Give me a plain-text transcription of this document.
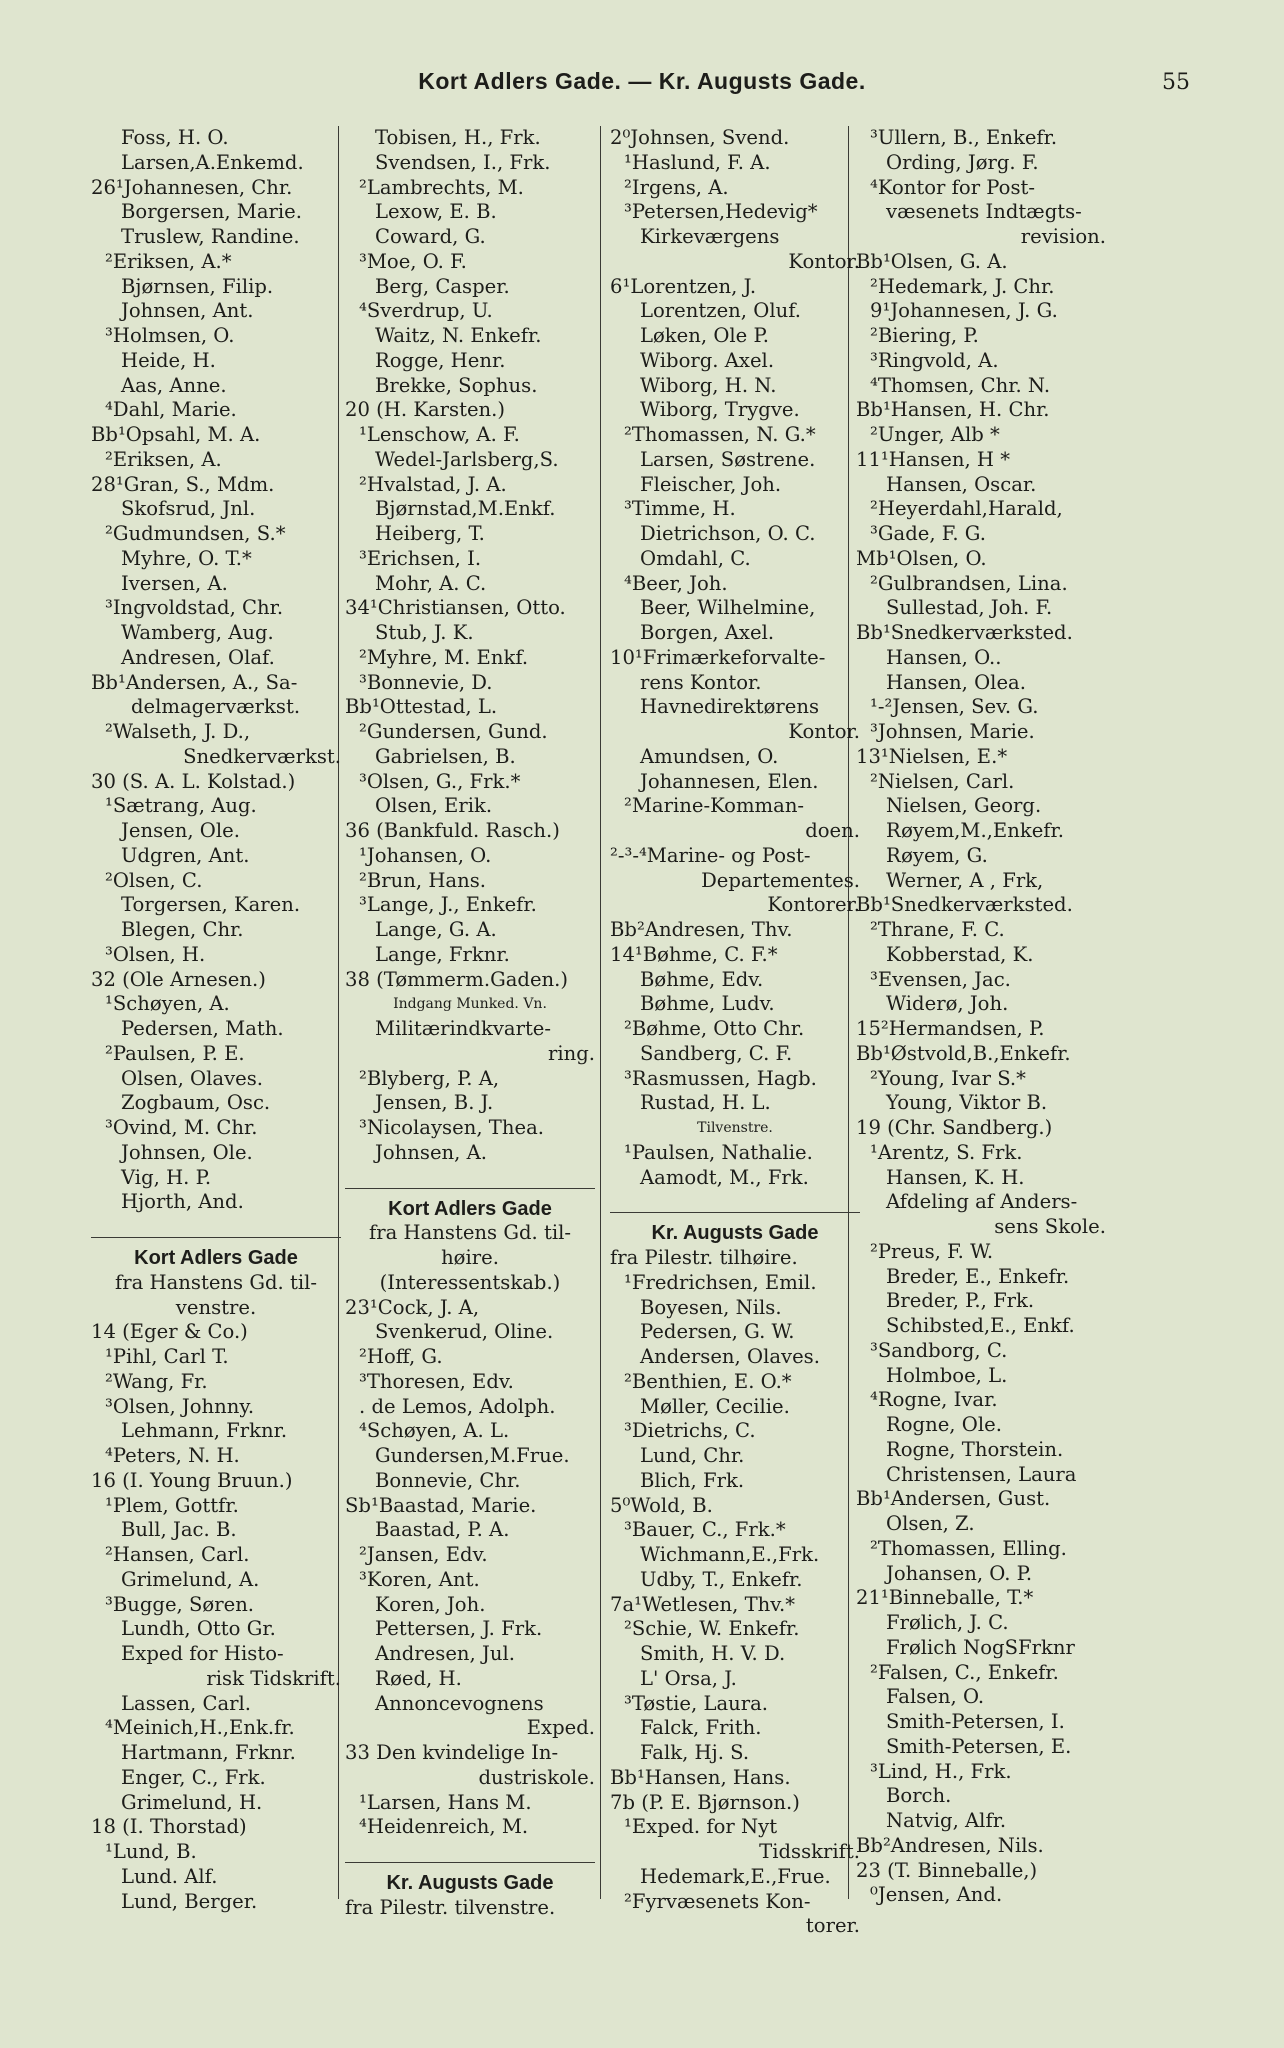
Kort Adlers Gade. — Kr. Augusts Gade.	55
Foss, H. O.
Larsen,A.Enkemd.
26¹Johannesen, Chr.
Borgersen, Marie.
Truslew, Randine.
²Eriksen, A.*
Bjørnsen, Filip.
Johnsen, Ant.
³Holmsen, O.
Heide, H.
Aas, Anne.
⁴Dahl, Marie.
Bb¹Opsahl, M. A.
²Eriksen, A.
28¹Gran, S., Mdm.
Skofsrud, Jnl.
²Gudmundsen, S.*
Myhre, O. T.*
Iversen, A.
³Ingvoldstad, Chr.
Wamberg, Aug.
Andresen, Olaf.
Bb¹Andersen, A., Sa-
delmagerværkst.
²Walseth, J. D.,
Snedkerværkst.
30 (S. A. L. Kolstad.)
¹Sætrang, Aug.
Jensen, Ole.
Udgren, Ant.
²Olsen, C.
Torgersen, Karen.
Blegen, Chr.
³Olsen, H.
32 (Ole Arnesen.)
¹Schøyen, A.
Pedersen, Math.
²Paulsen, P. E.
Olsen, Olaves.
Zogbaum, Osc.
³Ovind, M. Chr.
Johnsen, Ole.
Vig, H. P.
Hjorth, And.
Kort Adlers Gade
fra Hanstens Gd. til-
venstre.
14 (Eger & Co.)
¹Pihl, Carl T.
²Wang, Fr.
³Olsen, Johnny.
Lehmann, Frknr.
⁴Peters, N. H.
16 (I. Young Bruun.)
¹Plem, Gottfr.
Bull, Jac. B.
²Hansen, Carl.
Grimelund, A.
³Bugge, Søren.
Lundh, Otto Gr.
Exped for Histo-
risk Tidskrift.
Lassen, Carl.
⁴Meinich,H.,Enk.fr.
Hartmann, Frknr.
Enger, C., Frk.
Grimelund, H.
18 (I. Thorstad)
¹Lund, B.
Lund. Alf.
Lund, Berger.
Tobisen, H., Frk.
Svendsen, I., Frk.
²Lambrechts, M.
Lexow, E. B.
Coward, G.
³Moe, O. F.
Berg, Casper.
⁴Sverdrup, U.
Waitz, N. Enkefr.
Rogge, Henr.
Brekke, Sophus.
20 (H. Karsten.)
¹Lenschow, A. F.
Wedel-Jarlsberg,S.
²Hvalstad, J. A.
Bjørnstad,M.Enkf.
Heiberg, T.
³Erichsen, I.
Mohr, A. C.
34¹Christiansen, Otto.
Stub, J. K.
²Myhre, M. Enkf.
³Bonnevie, D.
Bb¹Ottestad, L.
²Gundersen, Gund.
Gabrielsen, B.
³Olsen, G., Frk.*
Olsen, Erik.
36 (Bankfuld. Rasch.)
¹Johansen, O.
²Brun, Hans.
³Lange, J., Enkefr.
Lange, G. A.
Lange, Frknr.
38 (Tømmerm.Gaden.)
Indgang Munked. Vn.
Militærindkvarte-
ring.
²Blyberg, P. A,
Jensen, B. J.
³Nicolaysen, Thea.
Johnsen, A.
Kort Adlers Gade
fra Hanstens Gd. til-
høire.
(Interessentskab.)
23¹Cock, J. A,
Svenkerud, Oline.
²Hoff, G.
³Thoresen, Edv.
. de Lemos, Adolph.
⁴Schøyen, A. L.
Gundersen,M.Frue.
Bonnevie, Chr.
Sb¹Baastad, Marie.
Baastad, P. A.
²Jansen, Edv.
³Koren, Ant.
Koren, Joh.
Pettersen, J. Frk.
Andresen, Jul.
Røed, H.
Annoncevognens
Exped.
33 Den kvindelige In-
dustriskole.
¹Larsen, Hans M.
⁴Heidenreich, M.
Kr. Augusts Gade
fra Pilestr. tilvenstre.
2⁰Johnsen, Svend.
¹Haslund, F. A.
²Irgens, A.
³Petersen,Hedevig*
Kirkeværgens
Kontor.
6¹Lorentzen, J.
Lorentzen, Oluf.
Løken, Ole P.
Wiborg. Axel.
Wiborg, H. N.
Wiborg, Trygve.
²Thomassen, N. G.*
Larsen, Søstrene.
Fleischer, Joh.
³Timme, H.
Dietrichson, O. C.
Omdahl, C.
⁴Beer, Joh.
Beer, Wilhelmine,
Borgen, Axel.
10¹Frimærkeforvalte-
rens Kontor.
Havnedirektørens
Kontor.
Amundsen, O.
Johannesen, Elen.
²Marine-Komman-
doen.
²-³-⁴Marine- og Post-
Departementes.
Kontorer.
Bb²Andresen, Thv.
14¹Bøhme, C. F.*
Bøhme, Edv.
Bøhme, Ludv.
²Bøhme, Otto Chr.
Sandberg, C. F.
³Rasmussen, Hagb.
Rustad, H. L.
Tilvenstre.
¹Paulsen, Nathalie.
Aamodt, M., Frk.
Kr. Augusts Gade
fra Pilestr. tilhøire.
¹Fredrichsen, Emil.
Boyesen, Nils.
Pedersen, G. W.
Andersen, Olaves.
²Benthien, E. O.*
Møller, Cecilie.
³Dietrichs, C.
Lund, Chr.
Blich, Frk.
5⁰Wold, B.
³Bauer, C., Frk.*
Wichmann,E.,Frk.
Udby, T., Enkefr.
7a¹Wetlesen, Thv.*
²Schie, W. Enkefr.
Smith, H. V. D.
L' Orsa, J.
³Tøstie, Laura.
Falck, Frith.
Falk, Hj. S.
Bb¹Hansen, Hans.
7b (P. E. Bjørnson.)
¹Exped. for Nyt
Tidsskrift.
Hedemark,E.,Frue.
²Fyrvæsenets Kon-
torer.
³Ullern, B., Enkefr.
Ording, Jørg. F.
⁴Kontor for Post-
væsenets Indtægts-
revision.
Bb¹Olsen, G. A.
²Hedemark, J. Chr.
9¹Johannesen, J. G.
²Biering, P.
³Ringvold, A.
⁴Thomsen, Chr. N.
Bb¹Hansen, H. Chr.
²Unger, Alb *
11¹Hansen, H *
Hansen, Oscar.
²Heyerdahl,Harald,
³Gade, F. G.
Mb¹Olsen, O.
²Gulbrandsen, Lina.
Sullestad, Joh. F.
Bb¹Snedkerværksted.
Hansen, O..
Hansen, Olea.
¹-²Jensen, Sev. G.
³Johnsen, Marie.
13¹Nielsen, E.*
²Nielsen, Carl.
Nielsen, Georg.
Røyem,M.,Enkefr.
Røyem, G.
Werner, A , Frk,
Bb¹Snedkerværksted.
²Thrane, F. C.
Kobberstad, K.
³Evensen, Jac.
Widerø, Joh.
15²Hermandsen, P.
Bb¹Østvold,B.,Enkefr.
²Young, Ivar S.*
Young, Viktor B.
19 (Chr. Sandberg.)
¹Arentz, S. Frk.
Hansen, K. H.
Afdeling af Anders-
sens Skole.
²Preus, F. W.
Breder, E., Enkefr.
Breder, P., Frk.
Schibsted,E., Enkf.
³Sandborg, C.
Holmboe, L.
⁴Rogne, Ivar.
Rogne, Ole.
Rogne, Thorstein.
Christensen, Laura
Bb¹Andersen, Gust.
Olsen, Z.
²Thomassen, Elling.
Johansen, O. P.
21¹Binneballe, T.*
Frølich, J. C.
Frølich NogSFrknr
²Falsen, C., Enkefr.
Falsen, O.
Smith-Petersen, I.
Smith-Petersen, E.
³Lind, H., Frk.
Borch.
Natvig, Alfr.
Bb²Andresen, Nils.
23 (T. Binneballe,)
⁰Jensen, And.
